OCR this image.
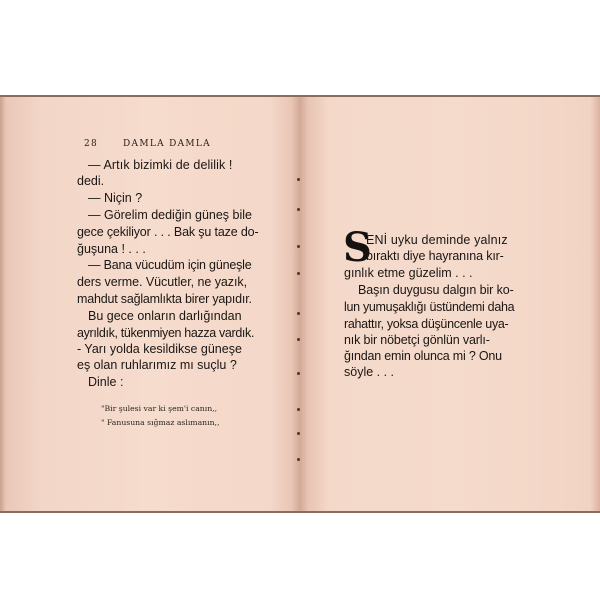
28	DAMLA DAMLA
— Artık bizimki de delilik !
dedi.
— Niçin ?
— Görelim dediğin güneş bile
gece çekiliyor . . . Bak şu taze do-
ğuşuna ! . . .
— Bana vücudüm için güneşle
ders verme. Vücutler, ne yazık,
mahdut sağlamlıkta birer yapıdır.
Bu gece onların darlığından
ayrıldık, tükenmiyen hazza vardık.
- Yarı yolda kesildikse güneşe
eş olan ruhlarımız mı suçlu ?
Dinle :
"Bir şulesi var ki şem'i canın,,
" Fanusuna sığmaz aslımanın,,
S
ENİ uyku deminde yalnız
bıraktı diye hayranına kır-
gınlık etme güzelim . . .
Başın duygusu dalgın bir ko-
lun yumuşaklığı üstündemi daha
rahattır, yoksa düşüncenle uya-
nık bir nöbetçi gönlün varlı-
ğından emin olunca mi ? Onu
söyle . . .
